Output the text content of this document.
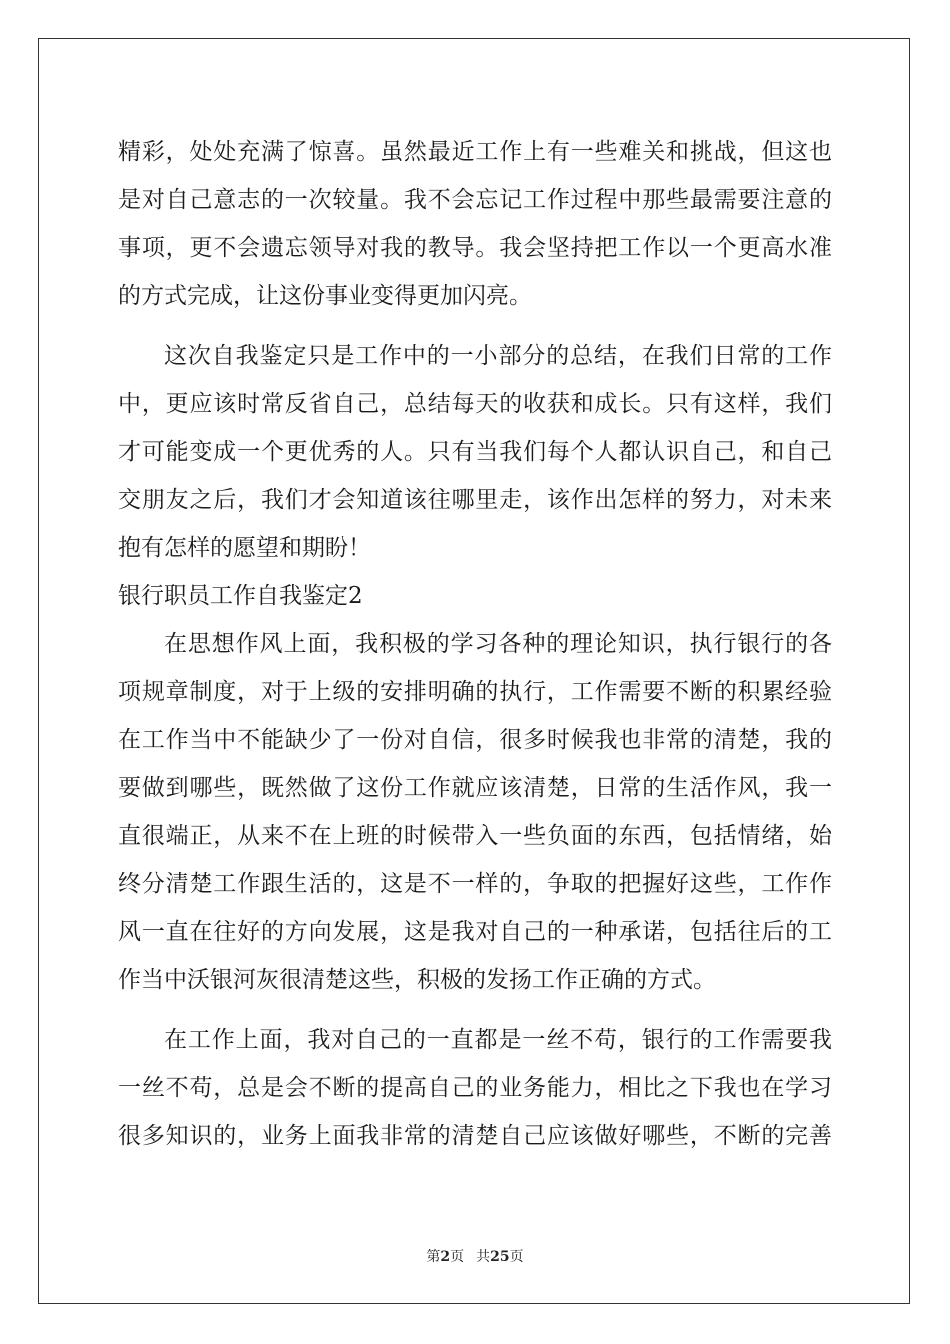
精彩，处处充满了惊喜。虽然最近工作上有一些难关和挑战，但这也
是对自己意志的一次较量。我不会忘记工作过程中那些最需要注意的
事项，更不会遗忘领导对我的教导。我会坚持把工作以一个更高水准
的方式完成，让这份事业变得更加闪亮。
这次自我鉴定只是工作中的一小部分的总结，在我们日常的工作
中，更应该时常反省自己，总结每天的收获和成长。只有这样，我们
才可能变成一个更优秀的人。只有当我们每个人都认识自己，和自己
交朋友之后，我们才会知道该往哪里走，该作出怎样的努力，对未来
抱有怎样的愿望和期盼！
银行职员工作自我鉴定2
在思想作风上面，我积极的学习各种的理论知识，执行银行的各
项规章制度，对于上级的安排明确的执行，工作需要不断的积累经验
在工作当中不能缺少了一份对自信，很多时候我也非常的清楚，我的
要做到哪些，既然做了这份工作就应该清楚，日常的生活作风，我一
直很端正，从来不在上班的时候带入一些负面的东西，包括情绪，始
终分清楚工作跟生活的，这是不一样的，争取的把握好这些，工作作
风一直在往好的方向发展，这是我对自己的一种承诺，包括往后的工
作当中沃银河灰很清楚这些，积极的发扬工作正确的方式。
在工作上面，我对自己的一直都是一丝不苟，银行的工作需要我
一丝不苟，总是会不断的提高自己的业务能力，相比之下我也在学习
很多知识的，业务上面我非常的清楚自己应该做好哪些，不断的完善
第2页 共25页
